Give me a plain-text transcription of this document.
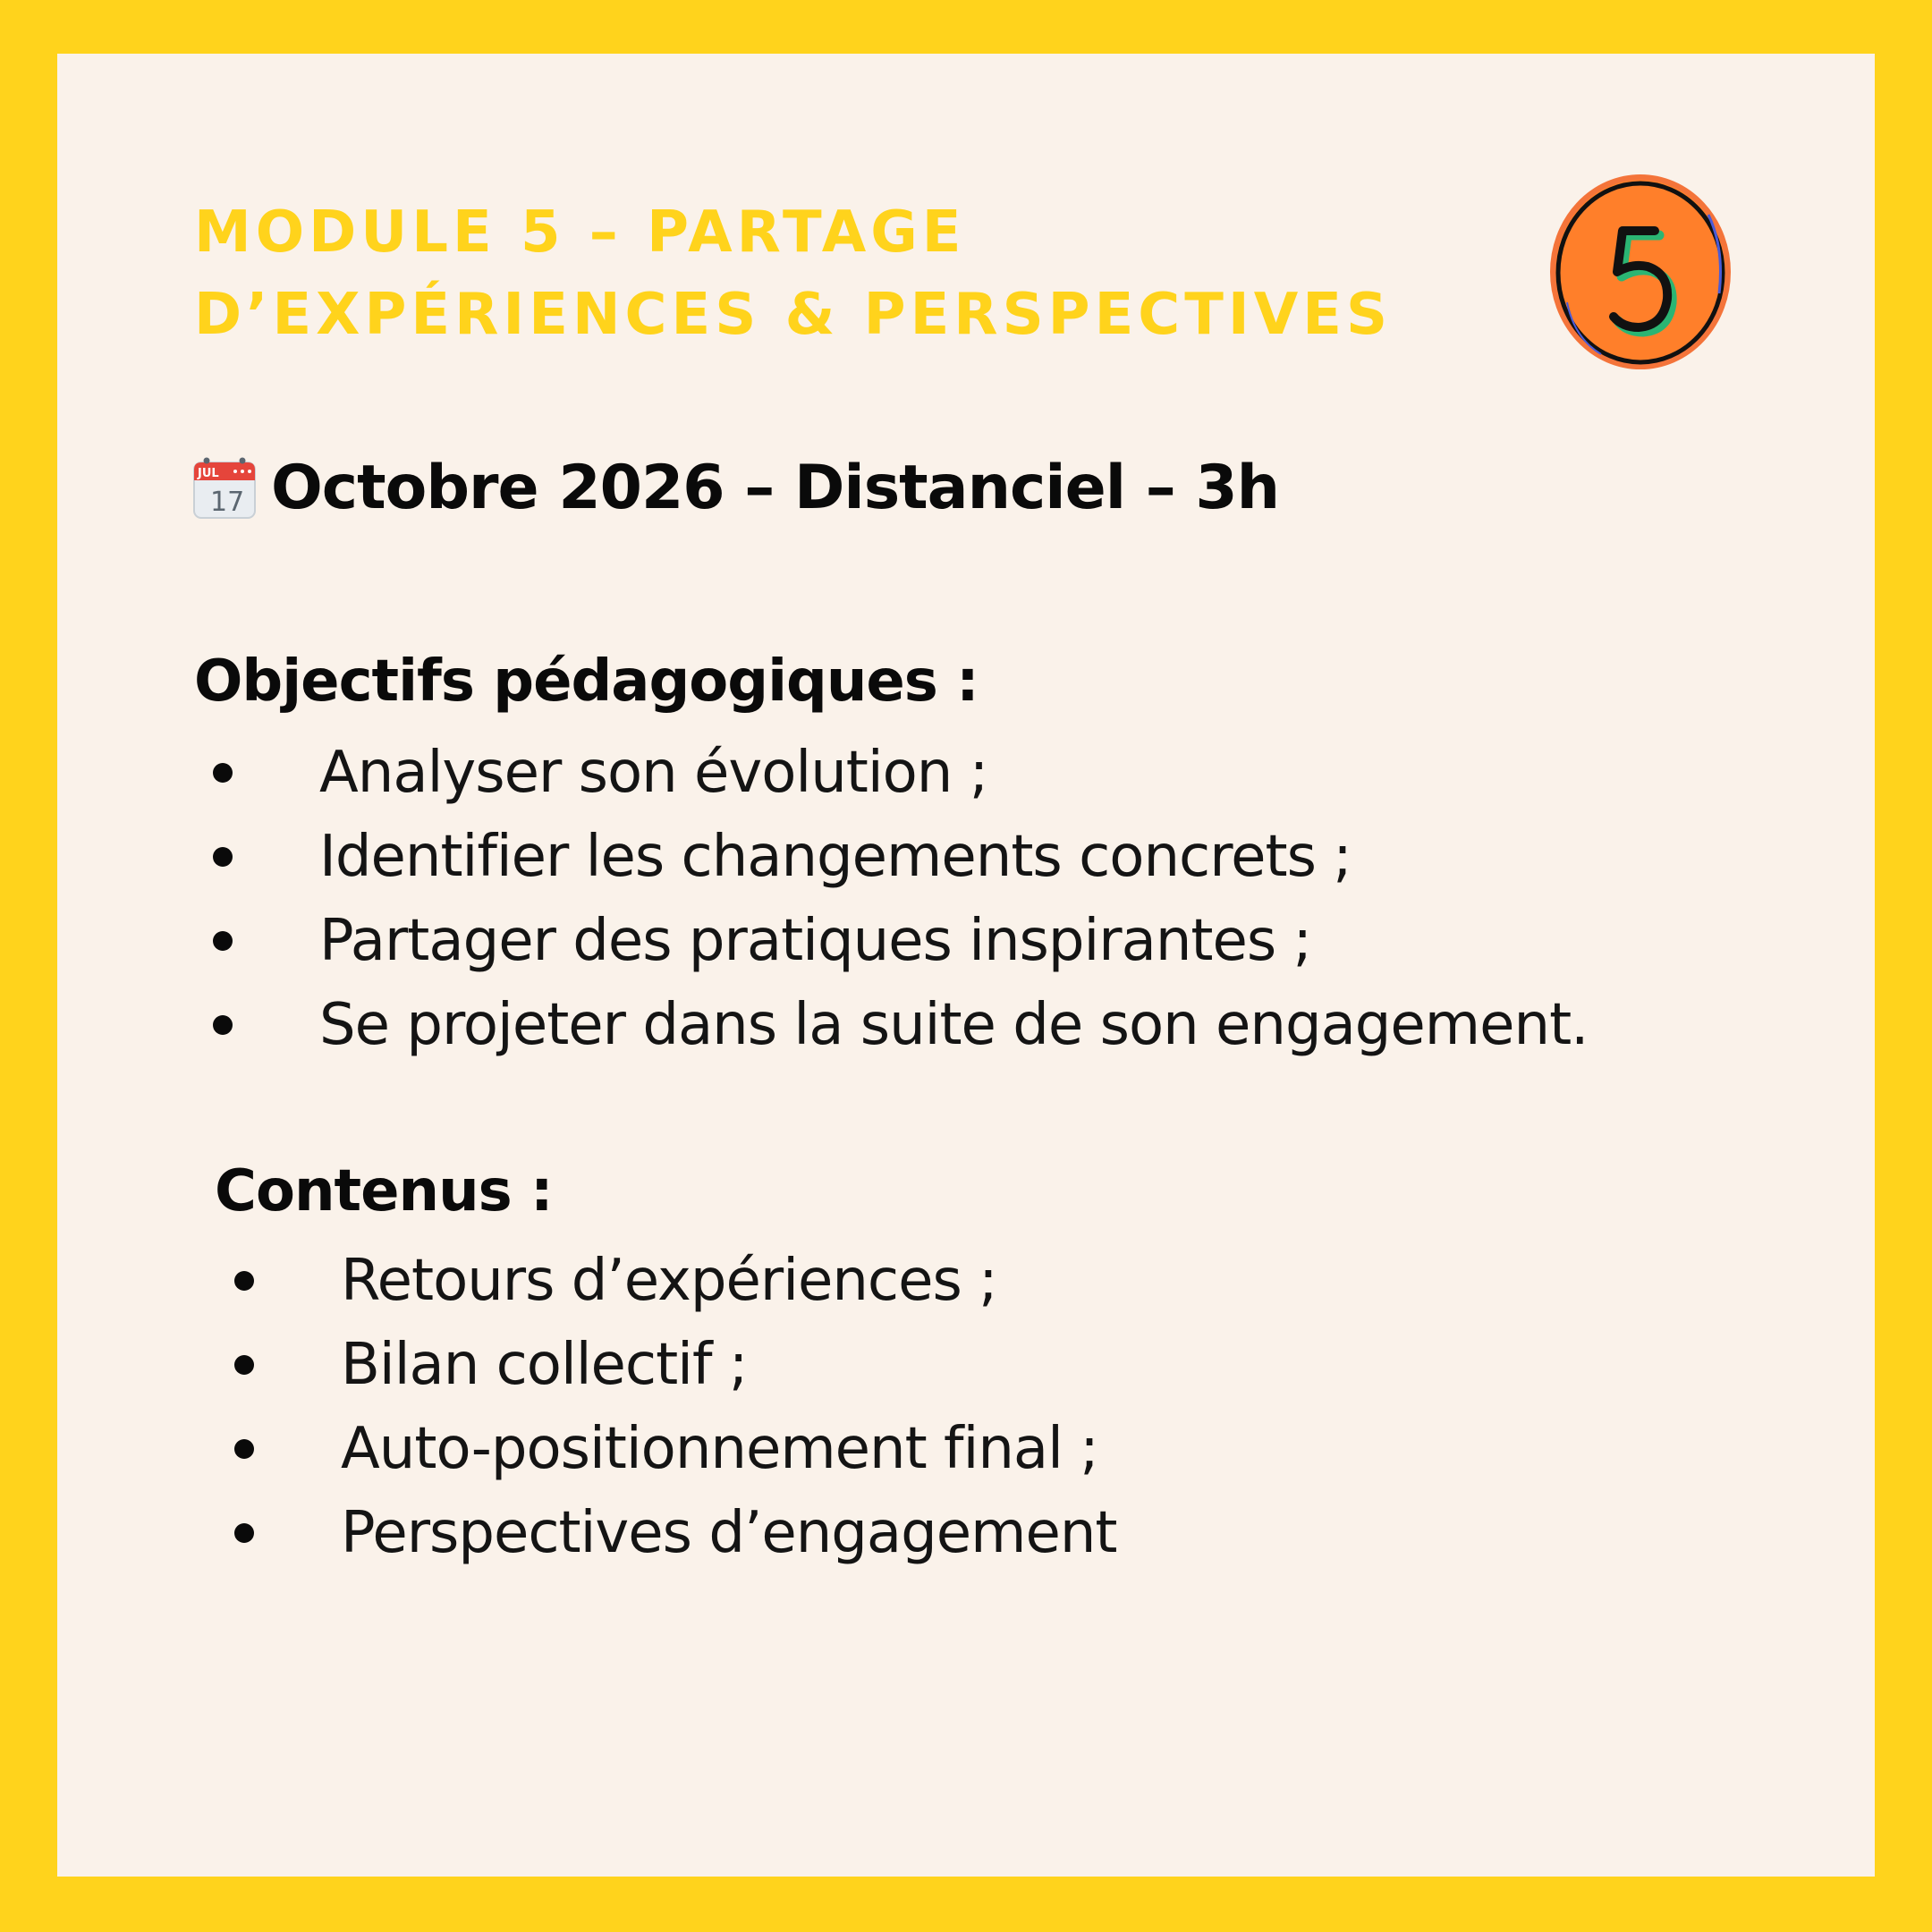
MODULE 5 – PARTAGE
D’EXPÉRIENCES & PERSPECTIVES
JUL
17 Octobre 2026 – Distanciel – 3h
Objectifs pédagogiques :
Analyser son évolution ;
Identifier les changements concrets ;
Partager des pratiques inspirantes ;
Se projeter dans la suite de son engagement.
Contenus :
Retours d’expériences ;
Bilan collectif ;
Auto-positionnement final ;
Perspectives d’engagement
